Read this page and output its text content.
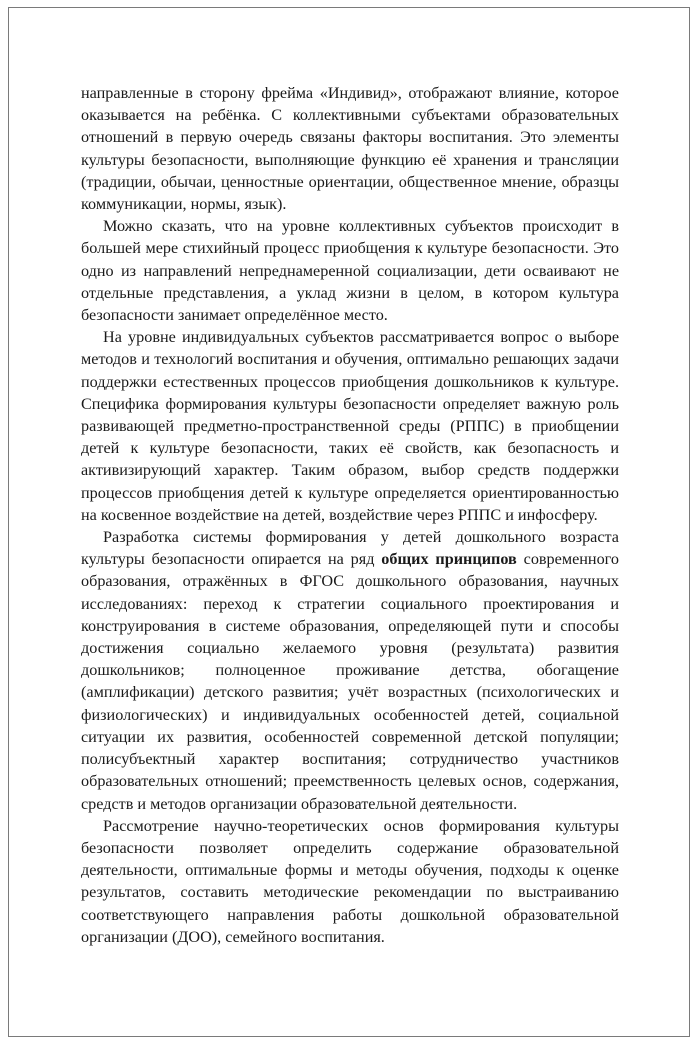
направленные в сторону фрейма «Индивид», отображают влияние, которое оказывается на ребёнка. С коллективными субъектами образовательных отношений в первую очередь связаны факторы воспитания. Это элементы культуры безопасности, выполняющие функцию её хранения и трансляции (традиции, обычаи, ценностные ориентации, общественное мнение, образцы коммуникации, нормы, язык).

Можно сказать, что на уровне коллективных субъектов происходит в большей мере стихийный процесс приобщения к культуре безопасности. Это одно из направлений непреднамеренной социализации, дети осваивают не отдельные представления, а уклад жизни в целом, в котором культура безопасности занимает определённое место.

На уровне индивидуальных субъектов рассматривается вопрос о выборе методов и технологий воспитания и обучения, оптимально решающих задачи поддержки естественных процессов приобщения дошкольников к культуре. Специфика формирования культуры безопасности определяет важную роль развивающей предметно-пространственной среды (РППС) в приобщении детей к культуре безопасности, таких её свойств, как безопасность и активизирующий характер. Таким образом, выбор средств поддержки процессов приобщения детей к культуре определяется ориентированностью на косвенное воздействие на детей, воздействие через РППС и инфосферу.

Разработка системы формирования у детей дошкольного возраста культуры безопасности опирается на ряд общих принципов современного образования, отражённых в ФГОС дошкольного образования, научных исследованиях: переход к стратегии социального проектирования и конструирования в системе образования, определяющей пути и способы достижения социально желаемого уровня (результата) развития дошкольников; полноценное проживание детства, обогащение (амплификации) детского развития; учёт возрастных (психологических и физиологических) и индивидуальных особенностей детей, социальной ситуации их развития, особенностей современной детской популяции; полисубъектный характер воспитания; сотрудничество участников образовательных отношений; преемственность целевых основ, содержания, средств и методов организации образовательной деятельности.

Рассмотрение научно-теоретических основ формирования культуры безопасности позволяет определить содержание образовательной деятельности, оптимальные формы и методы обучения, подходы к оценке результатов, составить методические рекомендации по выстраиванию соответствующего направления работы дошкольной образовательной организации (ДОО), семейного воспитания.
